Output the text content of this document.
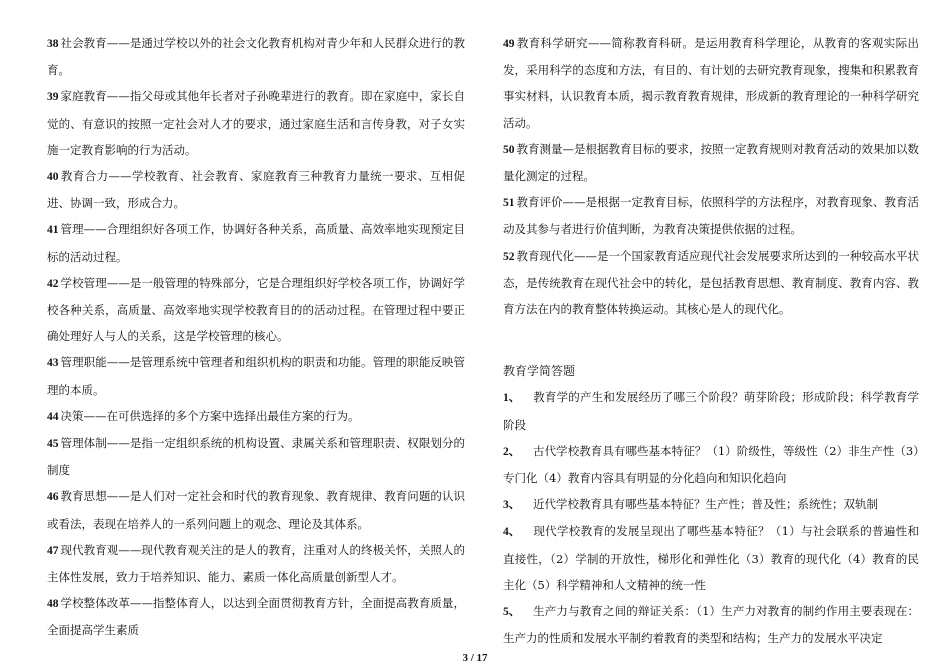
38 社会教育——是通过学校以外的社会文化教育机构对青少年和人民群众进行的教育。

39 家庭教育——指父母或其他年长者对子孙晚辈进行的教育。即在家庭中，家长自觉的、有意识的按照一定社会对人才的要求，通过家庭生活和言传身教，对子女实施一定教育影响的行为活动。

40 教育合力——学校教育、社会教育、家庭教育三种教育力量统一要求、互相促进、协调一致，形成合力。

41 管理——合理组织好各项工作，协调好各种关系，高质量、高效率地实现预定目标的活动过程。

42 学校管理——是一般管理的特殊部分，它是合理组织好学校各项工作，协调好学校各种关系，高质量、高效率地实现学校教育目的的活动过程。在管理过程中要正确处理好人与人的关系，这是学校管理的核心。

43 管理职能——是管理系统中管理者和组织机构的职责和功能。管理的职能反映管理的本质。

44 决策——在可供选择的多个方案中选择出最佳方案的行为。

45 管理体制——是指一定组织系统的机构设置、隶属关系和管理职责、权限划分的制度

46 教育思想——是人们对一定社会和时代的教育现象、教育规律、教育问题的认识或看法，表现在培养人的一系列问题上的观念、理论及其体系。

47 现代教育观——现代教育观关注的是人的教育，注重对人的终极关怀，关照人的主体性发展，致力于培养知识、能力、素质一体化高质量创新型人才。

48 学校整体改革——指整体育人，以达到全面贯彻教育方针，全面提高教育质量，全面提高学生素质

49 教育科学研究——简称教育科研。是运用教育科学理论，从教育的客观实际出发，采用科学的态度和方法，有目的、有计划的去研究教育现象，搜集和积累教育事实材料，认识教育本质，揭示教育教育规律，形成新的教育理论的一种科学研究活动。

50 教育测量—是根据教育目标的要求，按照一定教育规则对教育活动的效果加以数量化测定的过程。

51 教育评价——是根据一定教育目标，依照科学的方法程序，对教育现象、教育活动及其参与者进行价值判断，为教育决策提供依据的过程。

52 教育现代化——是一个国家教育适应现代社会发展要求所达到的一种较高水平状态，是传统教育在现代社会中的转化，是包括教育思想、教育制度、教育内容、教育方法在内的教育整体转换运动。其核心是人的现代化。

教育学简答题

1、 教育学的产生和发展经历了哪三个阶段？萌芽阶段；形成阶段；科学教育学阶段

2、 古代学校教育具有哪些基本特征？（1）阶级性，等级性（2）非生产性（3）专门化（4）教育内容具有明显的分化趋向和知识化趋向

3、 近代学校教育具有哪些基本特征？生产性；普及性；系统性；双轨制

4、 现代学校教育的发展呈现出了哪些基本特征？（1）与社会联系的普遍性和直接性，（2）学制的开放性，梯形化和弹性化（3）教育的现代化（4）教育的民主化（5）科学精神和人文精神的统一性

5、 生产力与教育之间的辩证关系：（1）生产力对教育的制约作用主要表现在：生产力的性质和发展水平制约着教育的类型和结构；生产力的发展水平决定

3 / 17
